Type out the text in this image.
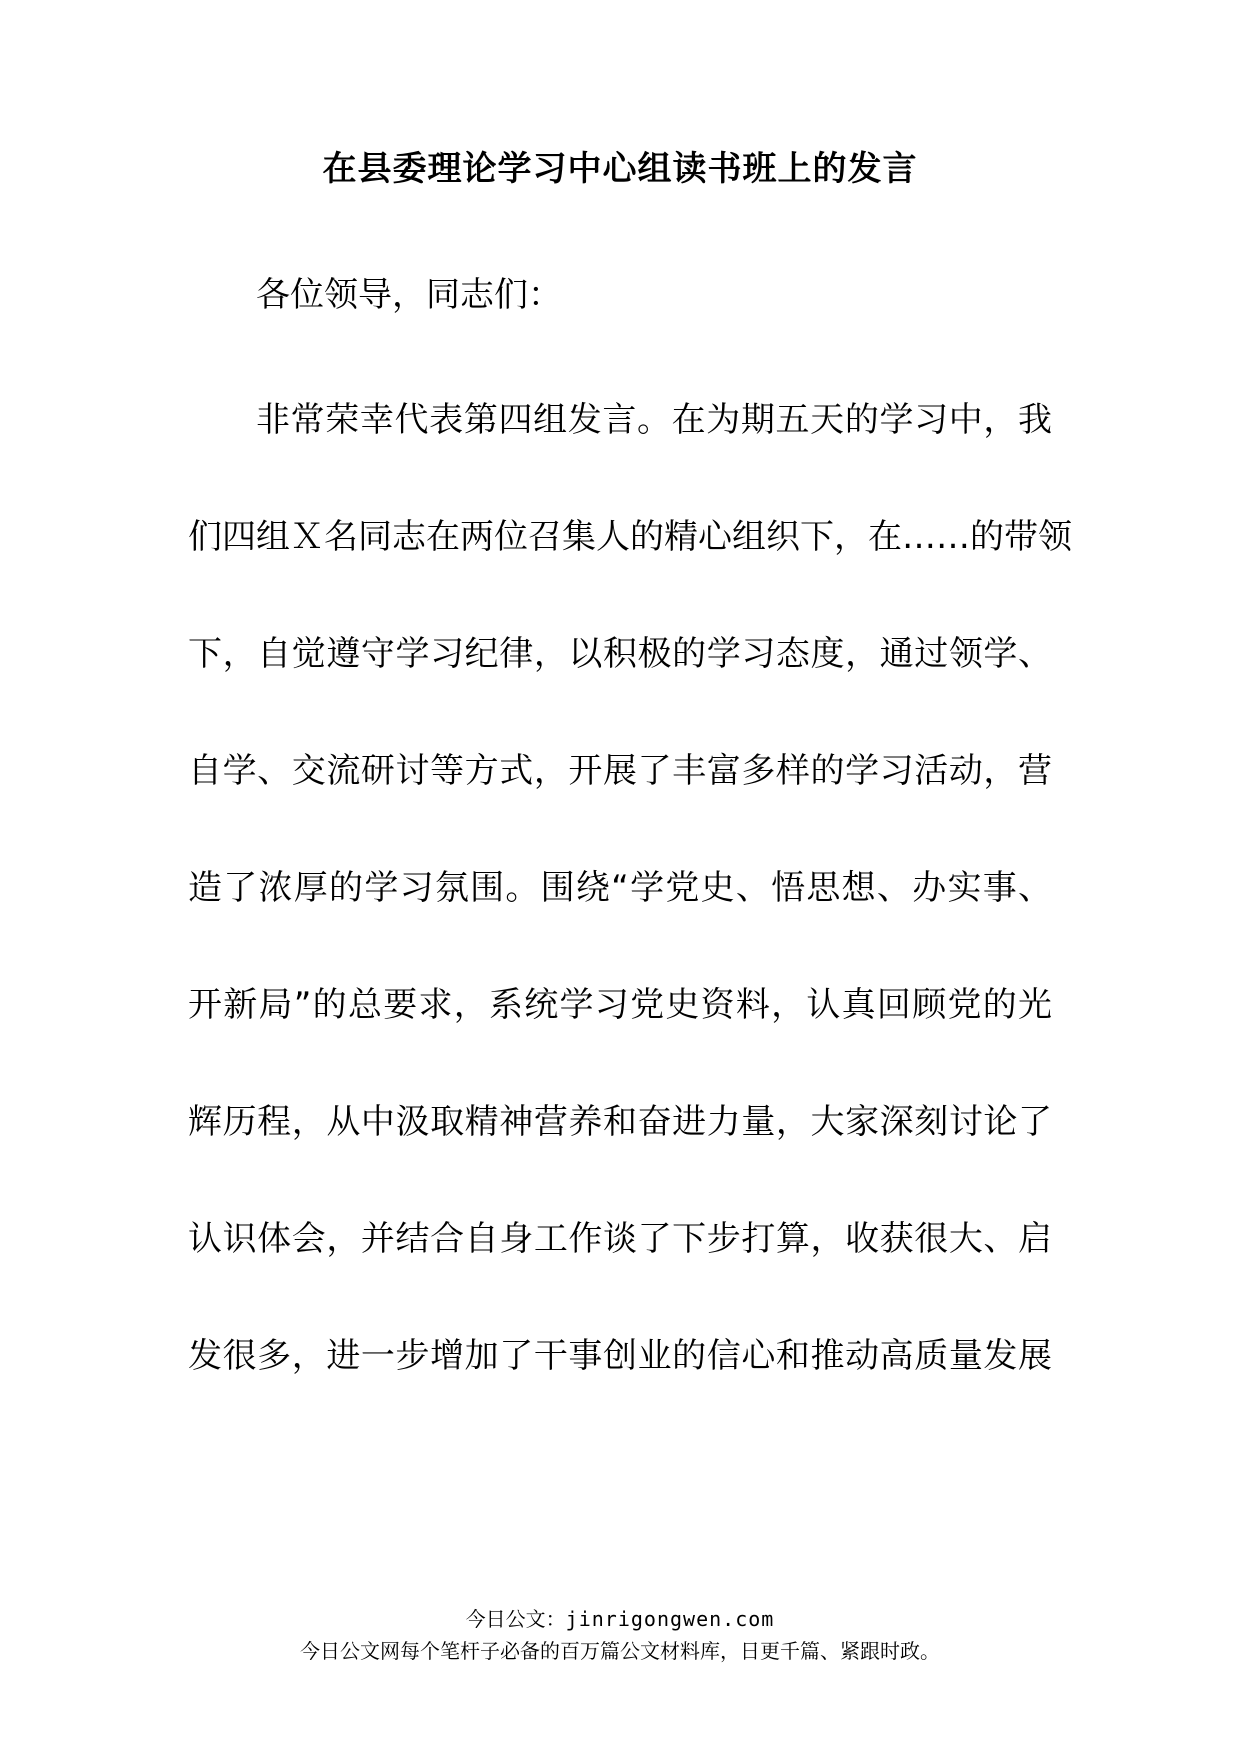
在县委理论学习中心组读书班上的发言
各位领导，同志们：
非常荣幸代表第四组发言。在为期五天的学习中，我
们四组Ｘ名同志在两位召集人的精心组织下，在……的带领
下，自觉遵守学习纪律，以积极的学习态度，通过领学、
自学、交流研讨等方式，开展了丰富多样的学习活动，营
造了浓厚的学习氛围。围绕“学党史、悟思想、办实事、
开新局”的总要求，系统学习党史资料，认真回顾党的光
辉历程，从中汲取精神营养和奋进力量，大家深刻讨论了
认识体会，并结合自身工作谈了下步打算，收获很大、启
发很多，进一步增加了干事创业的信心和推动高质量发展
今日公文：jinrigongwen.com
今日公文网每个笔杆子必备的百万篇公文材料库，日更千篇、紧跟时政。
